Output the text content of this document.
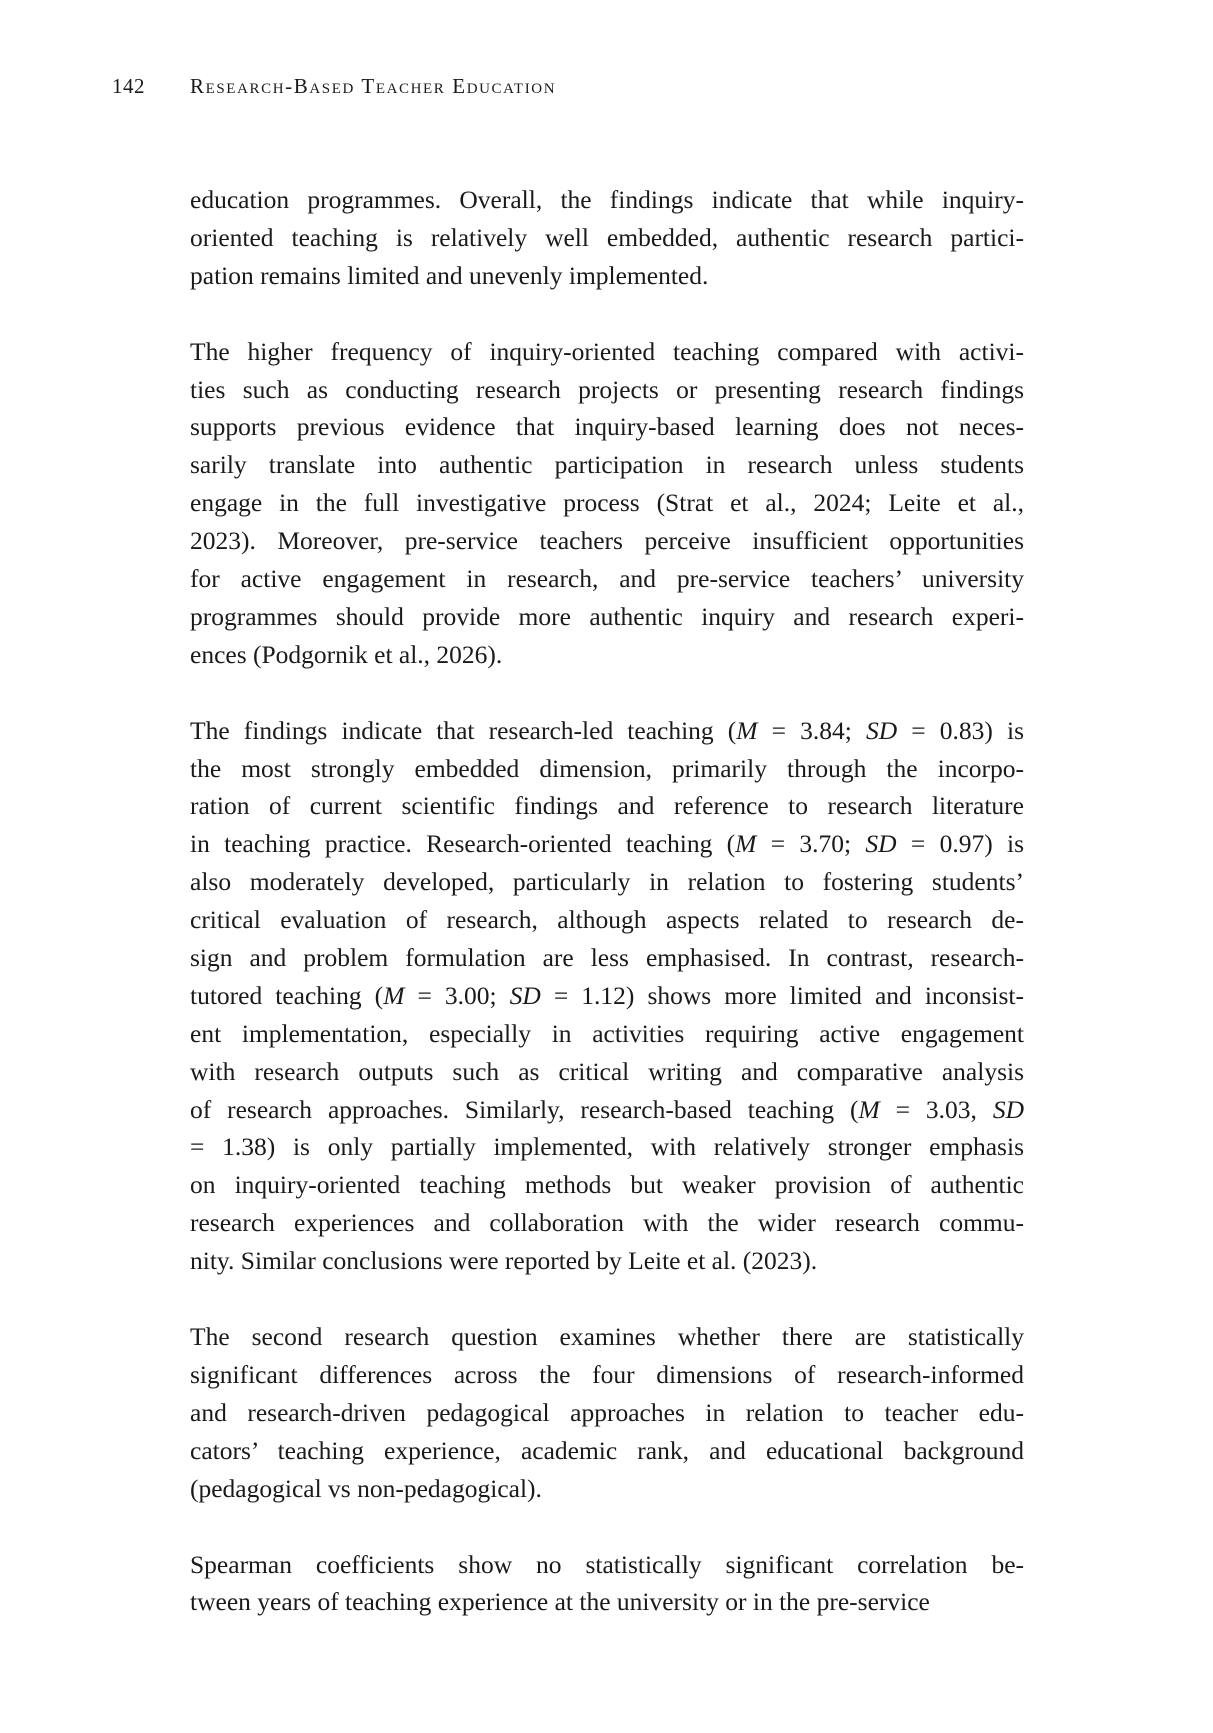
142 Research-Based Teacher Education
education programmes. Overall, the findings indicate that while inquiry-
oriented teaching is relatively well embedded, authentic research partici-
pation remains limited and unevenly implemented.
The higher frequency of inquiry-oriented teaching compared with activi-
ties such as conducting research projects or presenting research findings
supports previous evidence that inquiry-based learning does not neces-
sarily translate into authentic participation in research unless students
engage in the full investigative process (Strat et al., 2024; Leite et al.,
2023). Moreover, pre-service teachers perceive insufficient opportunities
for active engagement in research, and pre-service teachers’ university
programmes should provide more authentic inquiry and research experi-
ences (Podgornik et al., 2026).
The findings indicate that research-led teaching (M = 3.84; SD = 0.83) is
the most strongly embedded dimension, primarily through the incorpo-
ration of current scientific findings and reference to research literature
in teaching practice. Research-oriented teaching (M = 3.70; SD = 0.97) is
also moderately developed, particularly in relation to fostering students’
critical evaluation of research, although aspects related to research de-
sign and problem formulation are less emphasised. In contrast, research-
tutored teaching (M = 3.00; SD = 1.12) shows more limited and inconsist-
ent implementation, especially in activities requiring active engagement
with research outputs such as critical writing and comparative analysis
of research approaches. Similarly, research-based teaching (M = 3.03, SD
= 1.38) is only partially implemented, with relatively stronger emphasis
on inquiry-oriented teaching methods but weaker provision of authentic
research experiences and collaboration with the wider research commu-
nity. Similar conclusions were reported by Leite et al. (2023).
The second research question examines whether there are statistically
significant differences across the four dimensions of research-informed
and research-driven pedagogical approaches in relation to teacher edu-
cators’ teaching experience, academic rank, and educational background
(pedagogical vs non-pedagogical).
Spearman coefficients show no statistically significant correlation be-
tween years of teaching experience at the university or in the pre-service
